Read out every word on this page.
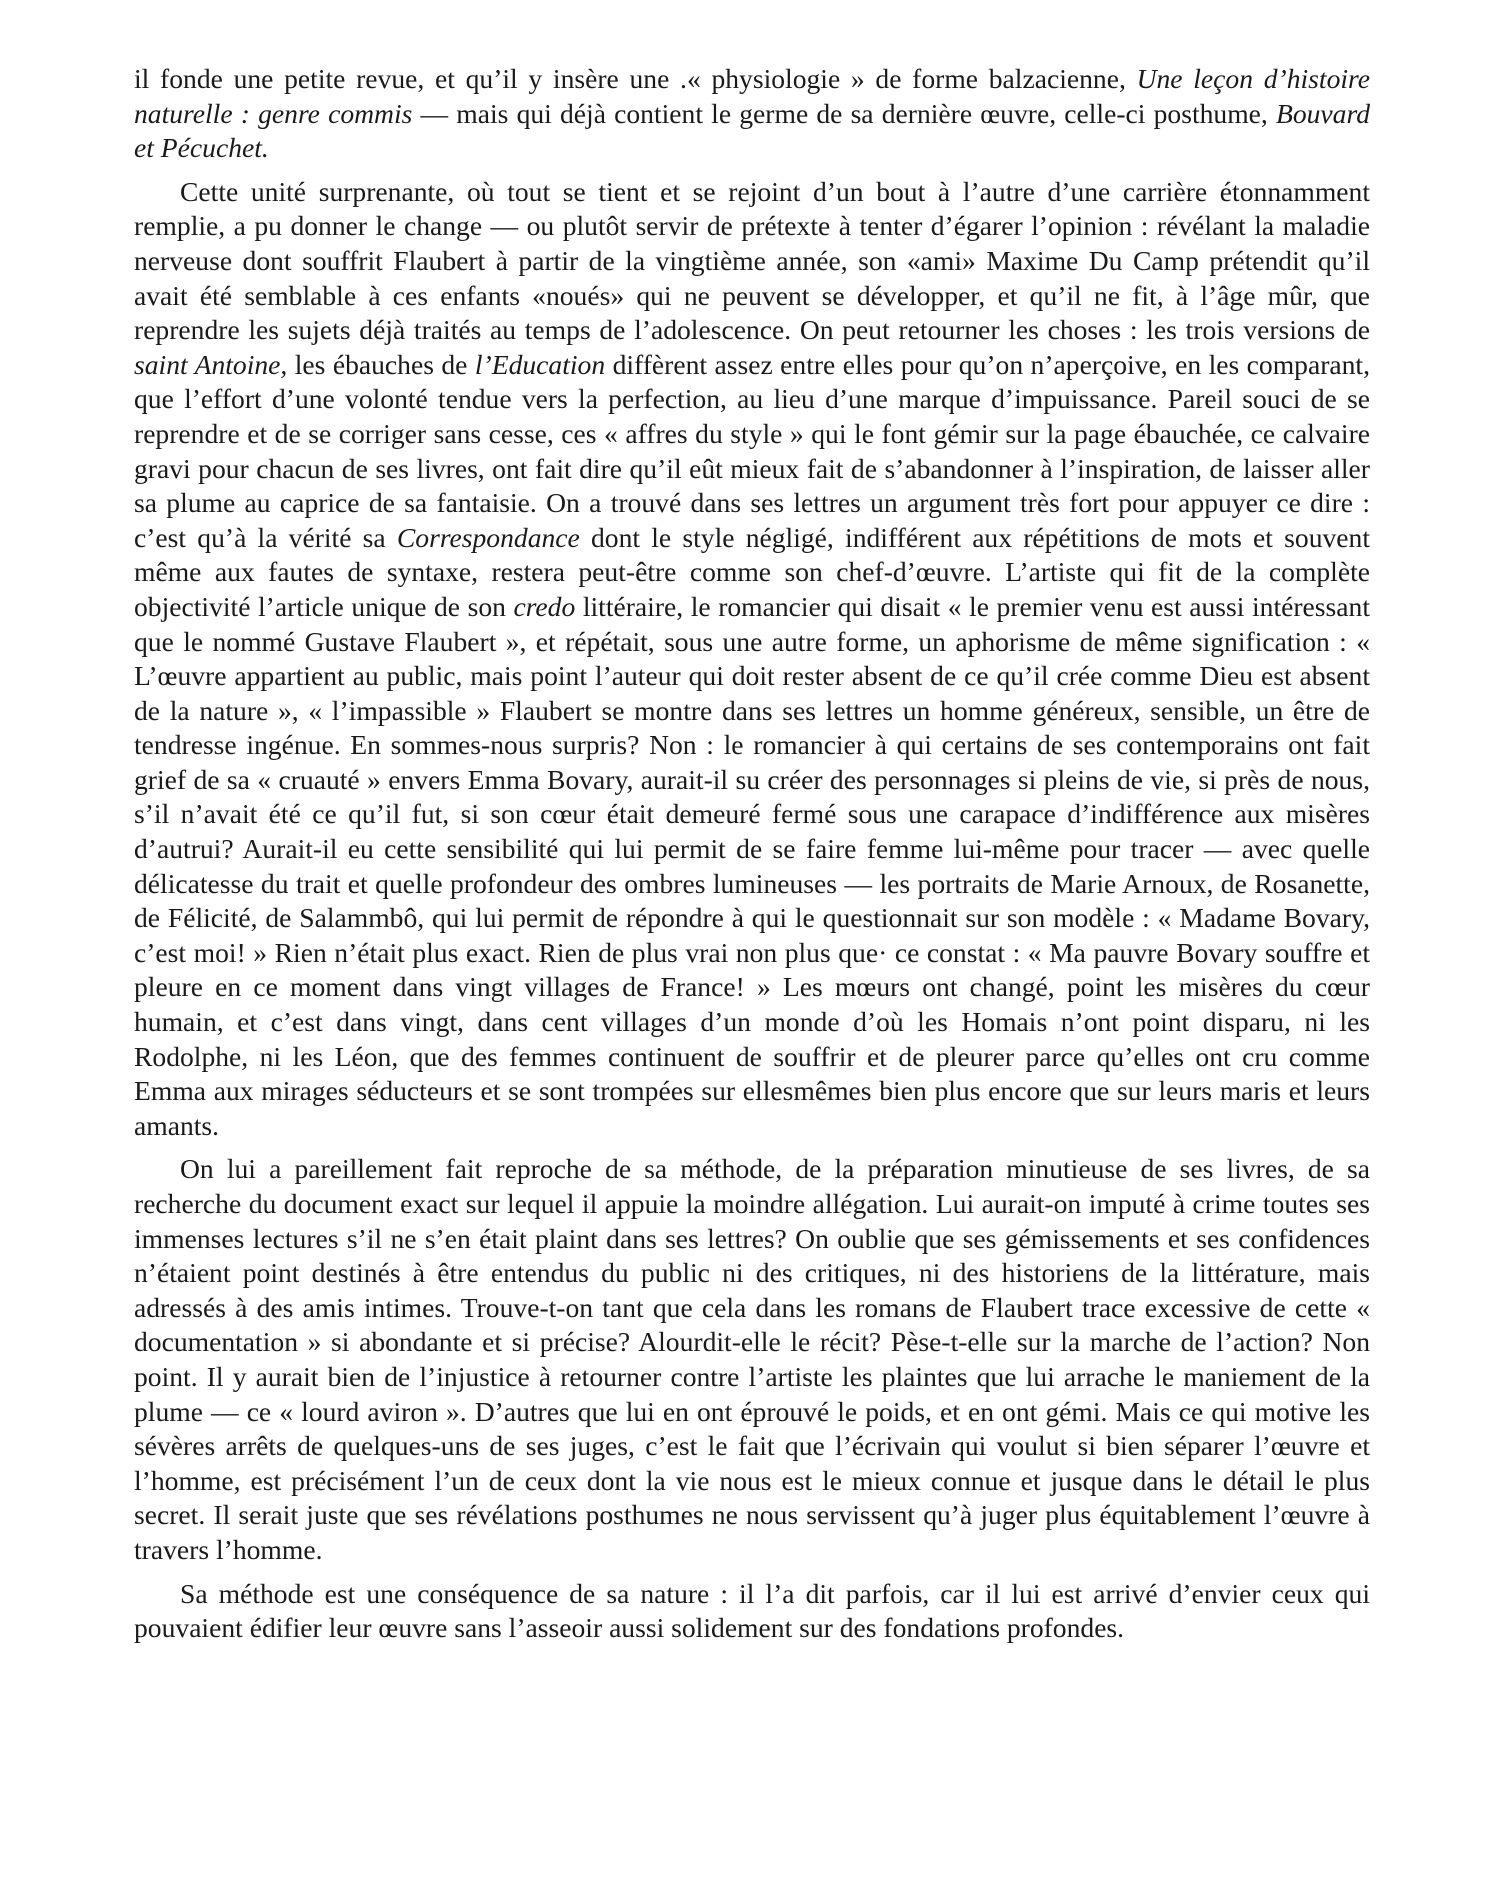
il fonde une petite revue, et qu’il y insère une .« physiologie » de forme balzacienne, Une leçon d’histoire naturelle : genre commis — mais qui déjà contient le germe de sa dernière œuvre, celle-ci posthume, Bouvard et Pécuchet.

Cette unité surprenante, où tout se tient et se rejoint d’un bout à l’autre d’une carrière étonnamment remplie, a pu donner le change — ou plutôt servir de prétexte à tenter d’égarer l’opinion : révélant la maladie nerveuse dont souffrit Flaubert à partir de la vingtième année, son «ami» Maxime Du Camp prétendit qu’il avait été semblable à ces enfants «noués» qui ne peuvent se développer, et qu’il ne fit, à l’âge mûr, que reprendre les sujets déjà traités au temps de l’adolescence. On peut retourner les choses : les trois versions de saint Antoine, les ébauches de l’Education diffèrent assez entre elles pour qu’on n’aperçoive, en les comparant, que l’effort d’une volonté tendue vers la perfection, au lieu d’une marque d’impuissance. Pareil souci de se reprendre et de se corriger sans cesse, ces « affres du style » qui le font gémir sur la page ébauchée, ce calvaire gravi pour chacun de ses livres, ont fait dire qu’il eût mieux fait de s’abandonner à l’inspiration, de laisser aller sa plume au caprice de sa fantaisie. On a trouvé dans ses lettres un argument très fort pour appuyer ce dire : c’est qu’à la vérité sa Correspondance dont le style négligé, indifférent aux répétitions de mots et souvent même aux fautes de syntaxe, restera peut-être comme son chef-d’œuvre. L’artiste qui fit de la complète objectivité l’article unique de son credo littéraire, le romancier qui disait « le premier venu est aussi intéressant que le nommé Gustave Flaubert », et répétait, sous une autre forme, un aphorisme de même signification : « L’œuvre appartient au public, mais point l’auteur qui doit rester absent de ce qu’il crée comme Dieu est absent de la nature », « l’impassible » Flaubert se montre dans ses lettres un homme généreux, sensible, un être de tendresse ingénue. En sommes-nous surpris? Non : le romancier à qui certains de ses contemporains ont fait grief de sa « cruauté » envers Emma Bovary, aurait-il su créer des personnages si pleins de vie, si près de nous, s’il n’avait été ce qu’il fut, si son cœur était demeuré fermé sous une carapace d’indifférence aux misères d’autrui? Aurait-il eu cette sensibilité qui lui permit de se faire femme lui-même pour tracer — avec quelle délicatesse du trait et quelle profondeur des ombres lumineuses — les portraits de Marie Arnoux, de Rosanette, de Félicité, de Salammbô, qui lui permit de répondre à qui le questionnait sur son modèle : « Madame Bovary, c’est moi! » Rien n’était plus exact. Rien de plus vrai non plus que· ce constat : « Ma pauvre Bovary souffre et pleure en ce moment dans vingt villages de France! » Les mœurs ont changé, point les misères du cœur humain, et c’est dans vingt, dans cent villages d’un monde d’où les Homais n’ont point disparu, ni les Rodolphe, ni les Léon, que des femmes continuent de souffrir et de pleurer parce qu’elles ont cru comme Emma aux mirages séducteurs et se sont trompées sur ellesmêmes bien plus encore que sur leurs maris et leurs amants.

On lui a pareillement fait reproche de sa méthode, de la préparation minutieuse de ses livres, de sa recherche du document exact sur lequel il appuie la moindre allégation. Lui aurait-on imputé à crime toutes ses immenses lectures s’il ne s’en était plaint dans ses lettres? On oublie que ses gémissements et ses confidences n’étaient point destinés à être entendus du public ni des critiques, ni des historiens de la littérature, mais adressés à des amis intimes. Trouve-t-on tant que cela dans les romans de Flaubert trace excessive de cette « documentation » si abondante et si précise? Alourdit-elle le récit? Pèse-t-elle sur la marche de l’action? Non point. Il y aurait bien de l’injustice à retourner contre l’artiste les plaintes que lui arrache le maniement de la plume — ce « lourd aviron ». D’autres que lui en ont éprouvé le poids, et en ont gémi. Mais ce qui motive les sévères arrêts de quelques-uns de ses juges, c’est le fait que l’écrivain qui voulut si bien séparer l’œuvre et l’homme, est précisément l’un de ceux dont la vie nous est le mieux connue et jusque dans le détail le plus secret. Il serait juste que ses révélations posthumes ne nous servissent qu’à juger plus équitablement l’œuvre à travers l’homme.

Sa méthode est une conséquence de sa nature : il l’a dit parfois, car il lui est arrivé d’envier ceux qui pouvaient édifier leur œuvre sans l’asseoir aussi solidement sur des fondations profondes.
